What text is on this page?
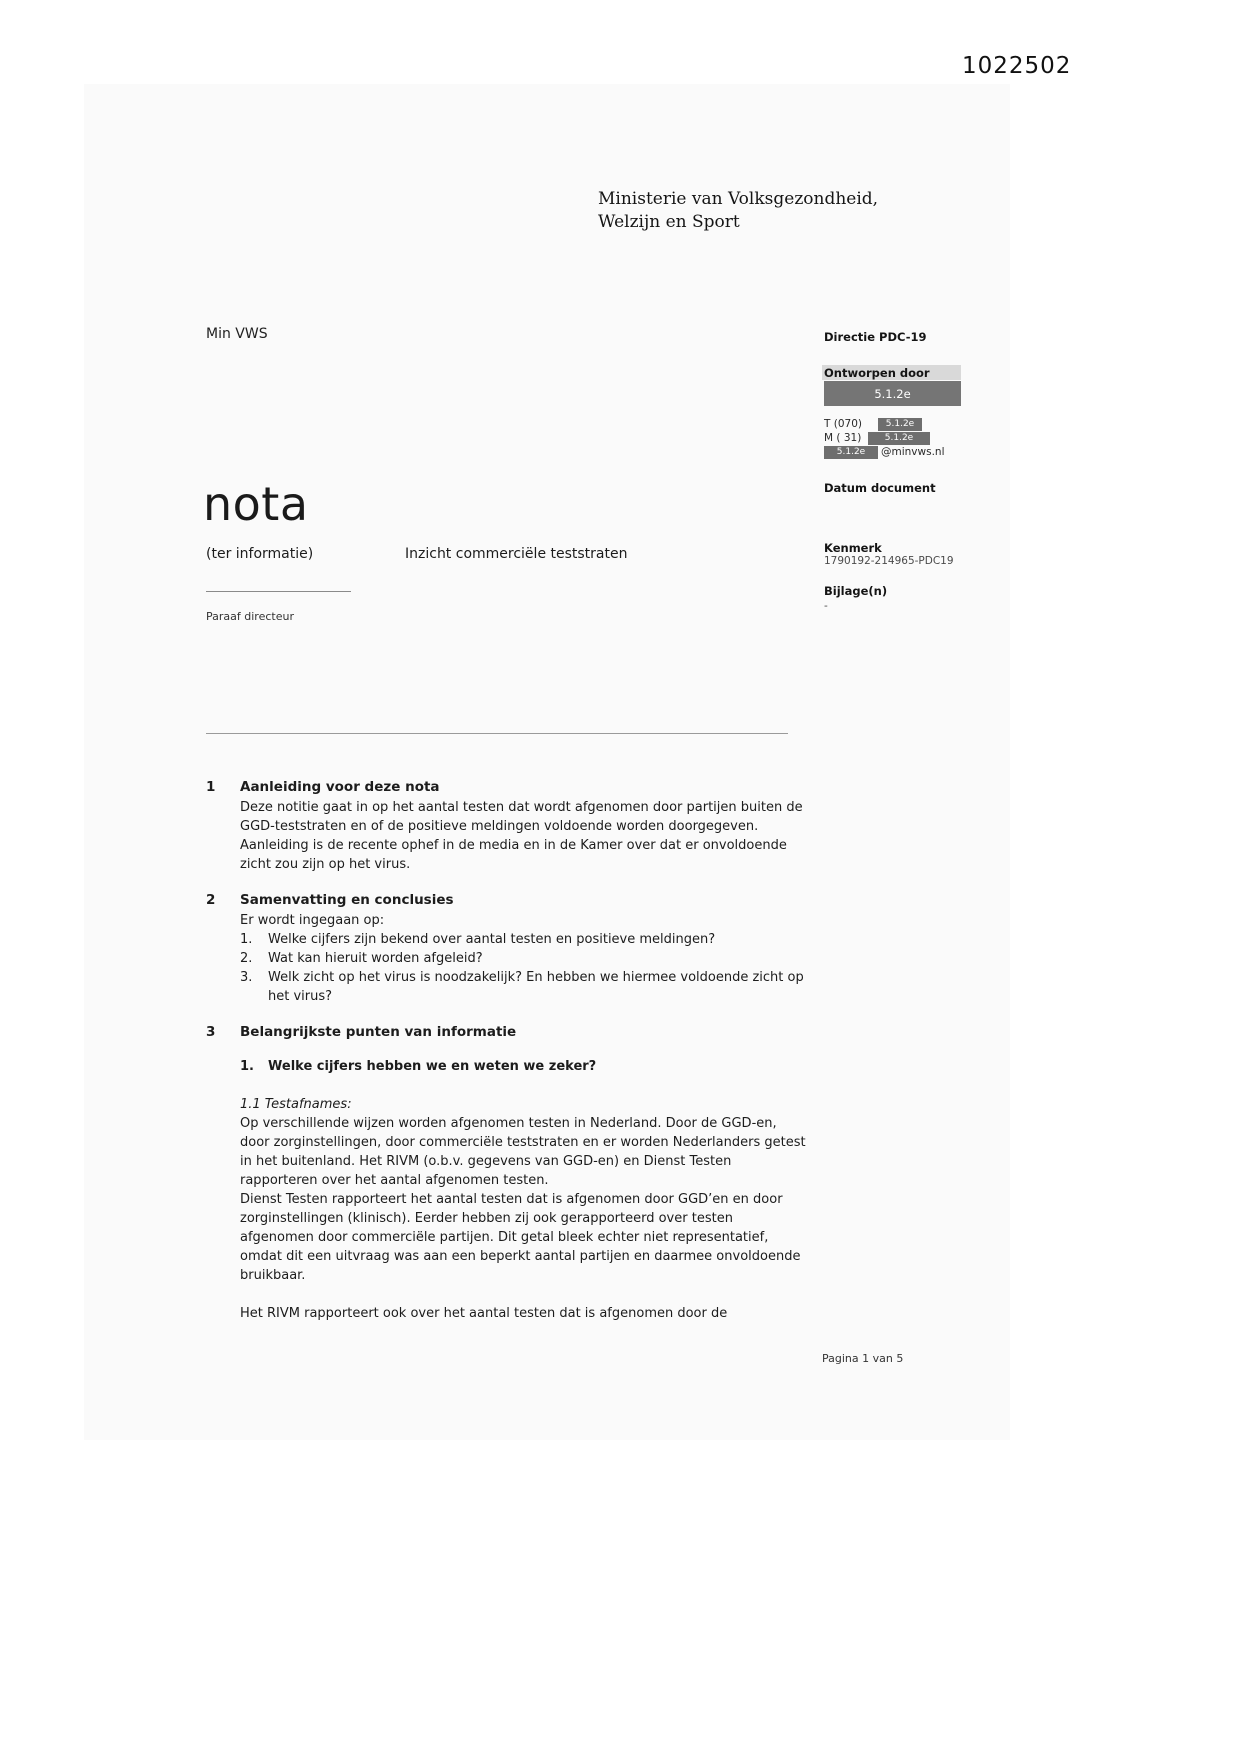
1022502
Ministerie van Volksgezondheid,
Welzijn en Sport
Min VWS	Directie PDC-19
Ontworpen door
5.1.2e
T (070)	5.1.2e
M ( 31)	5.1.2e
5.1.2e	@minvws.nl
Datum document
Kenmerk
1790192-214965-PDC19
Bijlage(n)
-
nota
(ter informatie)	Inzicht commerciële teststraten
Paraaf directeur
1	Aanleiding voor deze nota

Deze notitie gaat in op het aantal testen dat wordt afgenomen door partijen buiten de GGD-teststraten en of de positieve meldingen voldoende worden doorgegeven. Aanleiding is de recente ophef in de media en in de Kamer over dat er onvoldoende zicht zou zijn op het virus.

2	Samenvatting en conclusies

Er wordt ingegaan op:

1.	Welke cijfers zijn bekend over aantal testen en positieve meldingen?
2.	Wat kan hieruit worden afgeleid?
3.	Welk zicht op het virus is noodzakelijk? En hebben we hiermee voldoende zicht op het virus?
3	Belangrijkste punten van informatie
1.	Welke cijfers hebben we en weten we zeker?

1.1 Testafnames:

Op verschillende wijzen worden afgenomen testen in Nederland. Door de GGD-en, door zorginstellingen, door commerciële teststraten en er worden Nederlanders getest in het buitenland. Het RIVM (o.b.v. gegevens van GGD-en) en Dienst Testen rapporteren over het aantal afgenomen testen.

Dienst Testen rapporteert het aantal testen dat is afgenomen door GGD’en en door zorginstellingen (klinisch). Eerder hebben zij ook gerapporteerd over testen afgenomen door commerciële partijen. Dit getal bleek echter niet representatief, omdat dit een uitvraag was aan een beperkt aantal partijen en daarmee onvoldoende bruikbaar.

Het RIVM rapporteert ook over het aantal testen dat is afgenomen door de

Pagina 1 van 5
